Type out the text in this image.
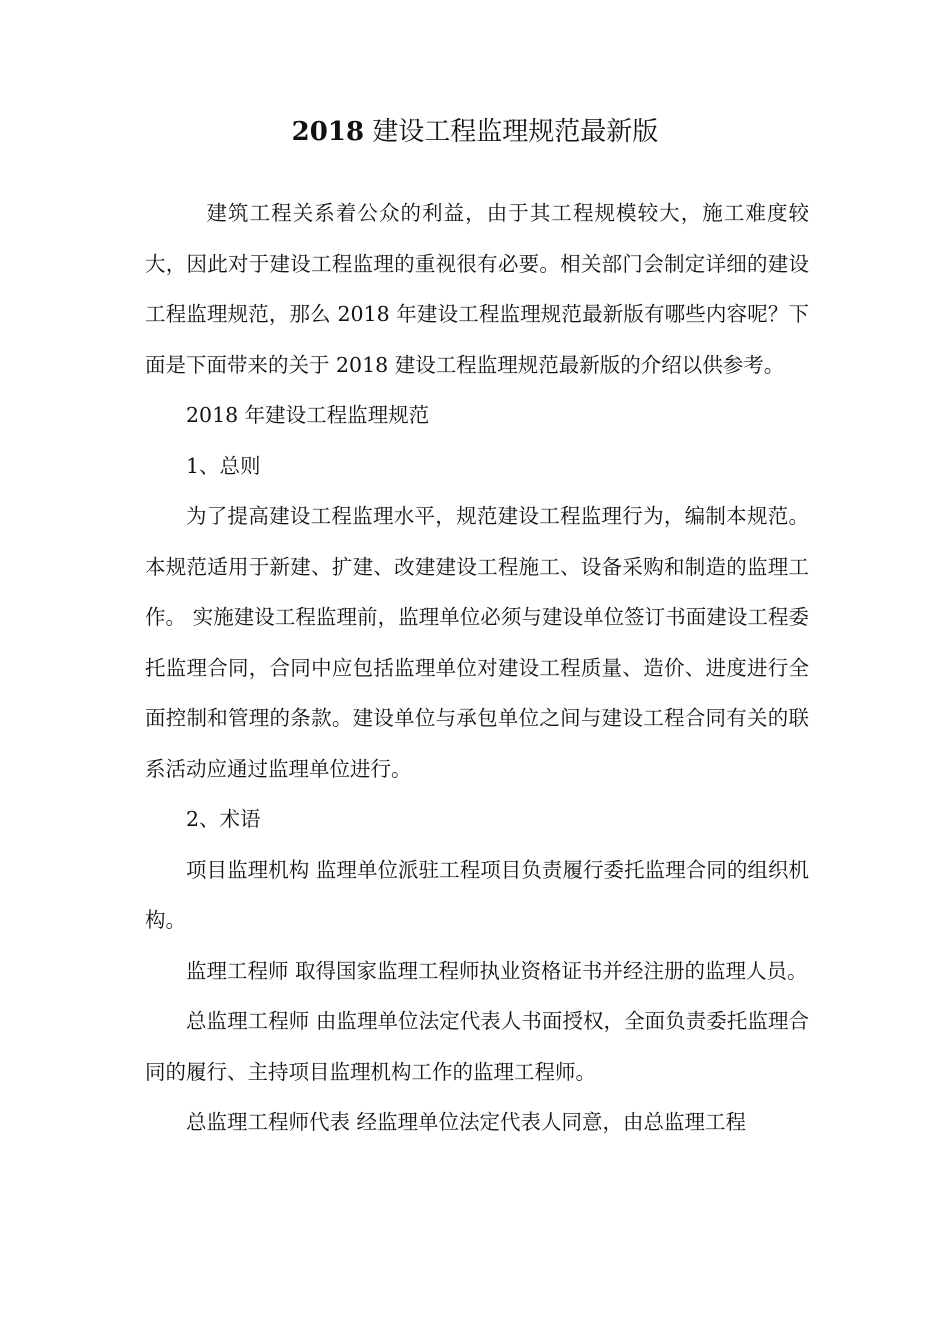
2018 建设工程监理规范最新版

建筑工程关系着公众的利益，由于其工程规模较大，施工难度较大，因此对于建设工程监理的重视很有必要。相关部门会制定详细的建设工程监理规范，那么 2018 年建设工程监理规范最新版有哪些内容呢？下面是下面带来的关于 2018 建设工程监理规范最新版的介绍以供参考。

2018 年建设工程监理规范

1、总则

为了提高建设工程监理水平，规范建设工程监理行为，编制本规范。本规范适用于新建、扩建、改建建设工程施工、设备采购和制造的监理工作。 实施建设工程监理前，监理单位必须与建设单位签订书面建设工程委托监理合同，合同中应包括监理单位对建设工程质量、造价、进度进行全面控制和管理的条款。建设单位与承包单位之间与建设工程合同有关的联系活动应通过监理单位进行。

2、术语

项目监理机构 监理单位派驻工程项目负责履行委托监理合同的组织机构。

监理工程师 取得国家监理工程师执业资格证书并经注册的监理人员。

总监理工程师 由监理单位法定代表人书面授权，全面负责委托监理合同的履行、主持项目监理机构工作的监理工程师。

总监理工程师代表 经监理单位法定代表人同意，由总监理工程
